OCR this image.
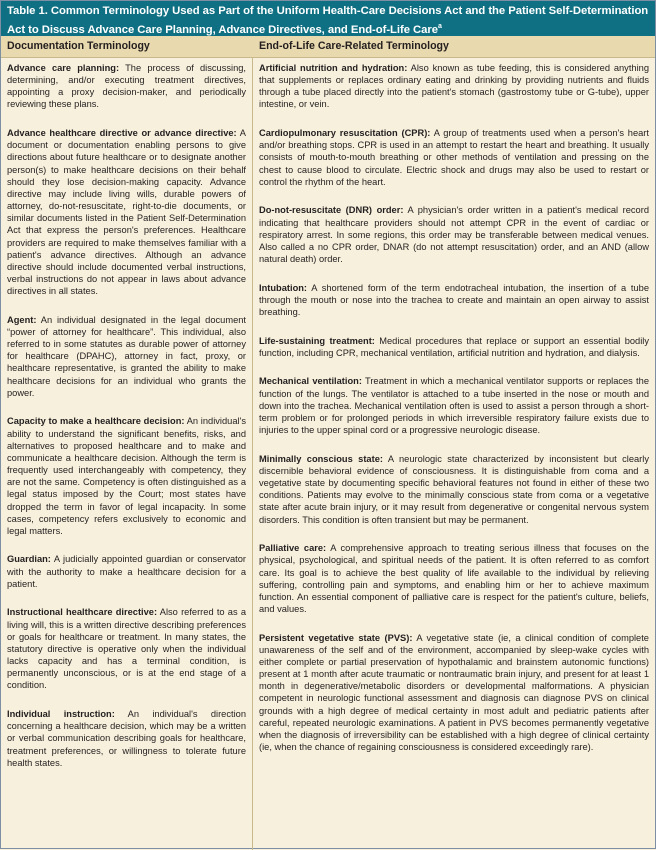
Table 1. Common Terminology Used as Part of the Uniform Health-Care Decisions Act and the Patient Self-Determination Act to Discuss Advance Care Planning, Advance Directives, and End-of-Life Care$^a$
Documentation Terminology	End-of-Life Care-Related Terminology

Advance care planning: The process of discussing, determining, and/or executing treatment directives, appointing a proxy decision-maker, and periodically reviewing these plans.

Advance healthcare directive or advance directive: A document or documentation enabling persons to give directions about future healthcare or to designate another person(s) to make healthcare decisions on their behalf should they lose decision-making capacity. Advance directive may include living wills, durable powers of attorney, do-not-resuscitate, right-to-die documents, or similar documents listed in the Patient Self-Determination Act that express the person's preferences. Healthcare providers are required to make themselves familiar with a patient's advance directives. Although an advance directive should include documented verbal instructions, verbal instructions do not appear in laws about advance directives in all states.

Agent: An individual designated in the legal document “power of attorney for healthcare”. This individual, also referred to in some statutes as durable power of attorney for healthcare (DPAHC), attorney in fact, proxy, or healthcare representative, is granted the ability to make healthcare decisions for an individual who grants the power.

Capacity to make a healthcare decision: An individual's ability to understand the significant benefits, risks, and alternatives to proposed healthcare and to make and communicate a healthcare decision. Although the term is frequently used interchangeably with competency, they are not the same. Competency is often distinguished as a legal status imposed by the Court; most states have dropped the term in favor of legal incapacity. In some cases, competency refers exclusively to economic and legal matters.

Guardian: A judicially appointed guardian or conservator with the authority to make a healthcare decision for a patient.

Instructional healthcare directive: Also referred to as a living will, this is a written directive describing preferences or goals for healthcare or treatment. In many states, the statutory directive is operative only when the individual lacks capacity and has a terminal condition, is permanently unconscious, or is at the end stage of a condition.

Individual instruction: An individual's direction concerning a healthcare decision, which may be a written or verbal communication describing goals for healthcare, treatment preferences, or willingness to tolerate future health states.

Artificial nutrition and hydration: Also known as tube feeding, this is considered anything that supplements or replaces ordinary eating and drinking by providing nutrients and fluids through a tube placed directly into the patient's stomach (gastrostomy tube or G-tube), upper intestine, or vein.

Cardiopulmonary resuscitation (CPR): A group of treatments used when a person's heart and/or breathing stops. CPR is used in an attempt to restart the heart and breathing. It usually consists of mouth-to-mouth breathing or other methods of ventilation and pressing on the chest to cause blood to circulate. Electric shock and drugs may also be used to restart or control the rhythm of the heart.

Do-not-resuscitate (DNR) order: A physician's order written in a patient's medical record indicating that healthcare providers should not attempt CPR in the event of cardiac or respiratory arrest. In some regions, this order may be transferable between medical venues. Also called a no CPR order, DNAR (do not attempt resuscitation) order, and an AND (allow natural death) order.

Intubation: A shortened form of the term endotracheal intubation, the insertion of a tube through the mouth or nose into the trachea to create and maintain an open airway to assist breathing.

Life-sustaining treatment: Medical procedures that replace or support an essential bodily function, including CPR, mechanical ventilation, artificial nutrition and hydration, and dialysis.

Mechanical ventilation: Treatment in which a mechanical ventilator supports or replaces the function of the lungs. The ventilator is attached to a tube inserted in the nose or mouth and down into the trachea. Mechanical ventilation often is used to assist a person through a short-term problem or for prolonged periods in which irreversible respiratory failure exists due to injuries to the upper spinal cord or a progressive neurologic disease.

Minimally conscious state: A neurologic state characterized by inconsistent but clearly discernible behavioral evidence of consciousness. It is distinguishable from coma and a vegetative state by documenting specific behavioral features not found in either of these two conditions. Patients may evolve to the minimally conscious state from coma or a vegetative state after acute brain injury, or it may result from degenerative or congenital nervous system disorders. This condition is often transient but may be permanent.

Palliative care: A comprehensive approach to treating serious illness that focuses on the physical, psychological, and spiritual needs of the patient. It is often referred to as comfort care. Its goal is to achieve the best quality of life available to the individual by relieving suffering, controlling pain and symptoms, and enabling him or her to achieve maximum function. An essential component of palliative care is respect for the patient's culture, beliefs, and values.

Persistent vegetative state (PVS): A vegetative state (ie, a clinical condition of complete unawareness of the self and of the environment, accompanied by sleep-wake cycles with either complete or partial preservation of hypothalamic and brainstem autonomic functions) present at 1 month after acute traumatic or nontraumatic brain injury, and present for at least 1 month in degenerative/metabolic disorders or developmental malformations. A physician competent in neurologic functional assessment and diagnosis can diagnose PVS on clinical grounds with a high degree of medical certainty in most adult and pediatric patients after careful, repeated neurologic examinations. A patient in PVS becomes permanently vegetative when the diagnosis of irreversibility can be established with a high degree of clinical certainty (ie, when the chance of regaining consciousness is considered exceedingly rare).
